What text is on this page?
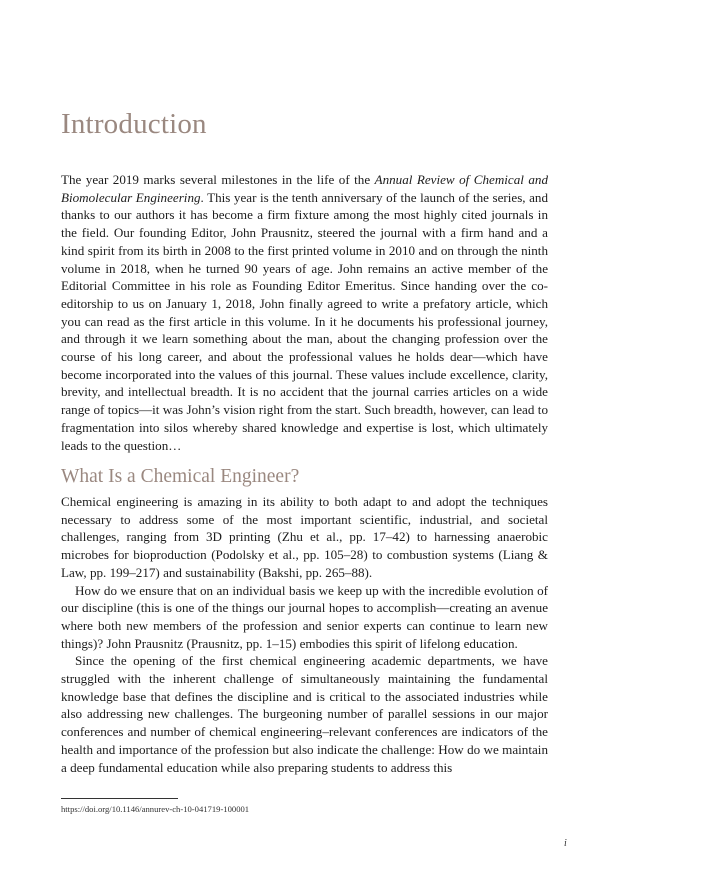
Introduction

The year 2019 marks several milestones in the life of the Annual Review of Chemical and Biomolecular Engineering. This year is the tenth anniversary of the launch of the series, and thanks to our authors it has become a firm fixture among the most highly cited journals in the field. Our founding Editor, John Prausnitz, steered the journal with a firm hand and a kind spirit from its birth in 2008 to the first printed volume in 2010 and on through the ninth volume in 2018, when he turned 90 years of age. John remains an active member of the Editorial Committee in his role as Founding Editor Emeritus. Since handing over the co-editorship to us on January 1, 2018, John finally agreed to write a prefatory article, which you can read as the first article in this volume. In it he documents his professional journey, and through it we learn something about the man, about the changing profession over the course of his long career, and about the professional values he holds dear—which have become incorporated into the values of this journal. These values include excellence, clarity, brevity, and intellectual breadth. It is no accident that the journal carries articles on a wide range of topics—it was John’s vision right from the start. Such breadth, however, can lead to fragmentation into silos whereby shared knowledge and expertise is lost, which ultimately leads to the question…

What Is a Chemical Engineer?

Chemical engineering is amazing in its ability to both adapt to and adopt the techniques necessary to address some of the most important scientific, industrial, and societal challenges, ranging from 3D printing (Zhu et al., pp. 17–42) to harnessing anaerobic microbes for bioproduction (Podolsky et al., pp. 105–28) to combustion systems (Liang & Law, pp. 199–217) and sustainability (Bakshi, pp. 265–88).

How do we ensure that on an individual basis we keep up with the incredible evolution of our discipline (this is one of the things our journal hopes to accomplish—creating an avenue where both new members of the profession and senior experts can continue to learn new things)? John Prausnitz (Prausnitz, pp. 1–15) embodies this spirit of lifelong education.

Since the opening of the first chemical engineering academic departments, we have struggled with the inherent challenge of simultaneously maintaining the fundamental knowledge base that defines the discipline and is critical to the associated industries while also addressing new challenges. The burgeoning number of parallel sessions in our major conferences and number of chemical engineering–relevant conferences are indicators of the health and importance of the profession but also indicate the challenge: How do we maintain a deep fundamental education while also preparing students to address this

https://doi.org/10.1146/annurev-ch-10-041719-100001
i
